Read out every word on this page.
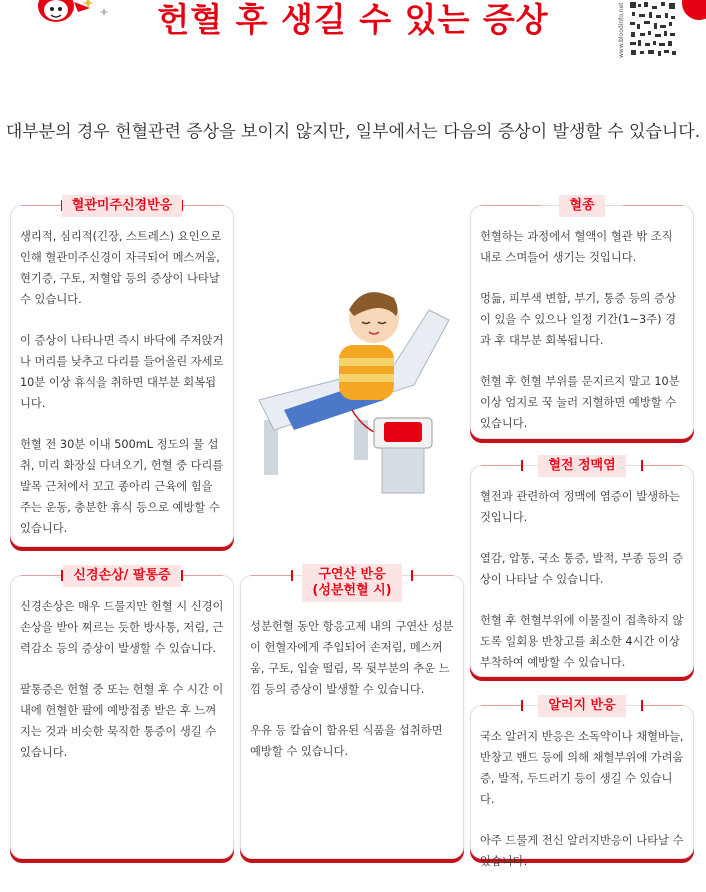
헌혈 후 생길 수 있는 증상	www.bloodinfo.net
대부분의 경우 헌혈관련 증상을 보이지 않지만, 일부에서는 다음의 증상이 발생할 수 있습니다.
혈관미주신경반응

생리적, 심리적(긴장, 스트레스) 요인으로 인해 혈관미주신경이 자극되어 메스꺼움, 현기증, 구토, 저혈압 등의 증상이 나타날 수 있습니다.

이 증상이 나타나면 즉시 바닥에 주저앉거나 머리를 낮추고 다리를 들어올린 자세로 10분 이상 휴식을 취하면 대부분 회복됩니다.

헌혈 전 30분 이내 500mL 정도의 물 섭취, 미리 화장실 다녀오기, 헌혈 중 다리를 발목 근처에서 꼬고 종아리 근육에 힘을 주는 운동, 충분한 휴식 등으로 예방할 수 있습니다.

혈종

헌혈하는 과정에서 혈액이 혈관 밖 조직 내로 스며들어 생기는 것입니다.

멍듦, 피부색 변함, 부기, 통증 등의 증상이 있을 수 있으나 일정 기간(1~3주) 경과 후 대부분 회복됩니다.

헌혈 후 헌혈 부위를 문지르지 말고 10분 이상 엄지로 꾹 눌러 지혈하면 예방할 수 있습니다.

혈전 정맥염

혈전과 관련하여 정맥에 염증이 발생하는 것입니다.

열감, 압통, 국소 통증, 발적, 부종 등의 증상이 나타날 수 있습니다.

헌혈 후 헌혈부위에 이물질이 접촉하지 않도록 일회용 반창고를 최소한 4시간 이상 부착하여 예방할 수 있습니다.

신경손상/ 팔통증

신경손상은 매우 드물지만 헌혈 시 신경이 손상을 받아 찌르는 듯한 방사통, 저림, 근력감소 등의 증상이 발생할 수 있습니다.

팔통증은 헌혈 중 또는 헌혈 후 수 시간 이내에 헌혈한 팔에 예방접종 받은 후 느껴지는 것과 비슷한 묵직한 통증이 생길 수 있습니다.

구연산 반응
(성분헌혈 시)

성분헌혈 동안 항응고제 내의 구연산 성분이 헌혈자에게 주입되어 손저림, 메스꺼움, 구토, 입술 떨림, 목 뒷부분의 추운 느낌 등의 증상이 발생할 수 있습니다.

우유 등 칼슘이 함유된 식품을 섭취하면 예방할 수 있습니다.

알러지 반응

국소 알러지 반응은 소독약이나 채혈바늘, 반창고 밴드 등에 의해 채혈부위에 가려움증, 발적, 두드러기 등이 생길 수 있습니다.

아주 드물게 전신 알러지반응이 나타날 수 있습니다.
